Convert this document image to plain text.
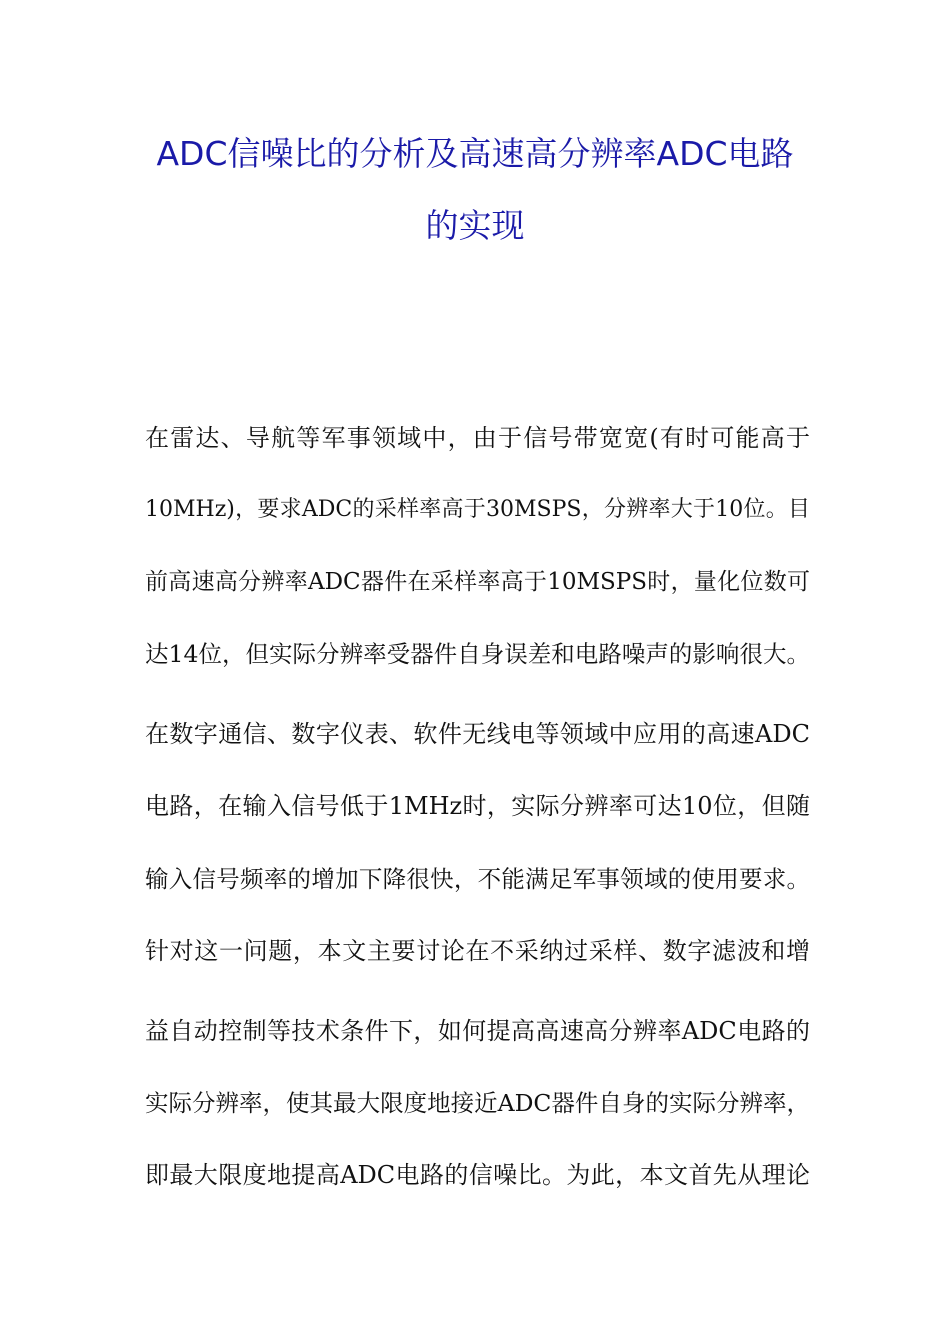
ADC信噪比的分析及高速高分辨率ADC电路
的实现
在雷达、导航等军事领域中，由于信号带宽宽(有时可能高于
10MHz)，要求ADC的采样率高于30MSPS，分辨率大于10位。目
前高速高分辨率ADC器件在采样率高于10MSPS时，量化位数可
达14位，但实际分辨率受器件自身误差和电路噪声的影响很大。
在数字通信、数字仪表、软件无线电等领域中应用的高速ADC
电路，在输入信号低于1MHz时，实际分辨率可达10位，但随
输入信号频率的增加下降很快，不能满足军事领域的使用要求。
针对这一问题，本文主要讨论在不采纳过采样、数字滤波和增
益自动控制等技术条件下，如何提高高速高分辨率ADC电路的
实际分辨率，使其最大限度地接近ADC器件自身的实际分辨率，
即最大限度地提高ADC电路的信噪比。为此，本文首先从理论
